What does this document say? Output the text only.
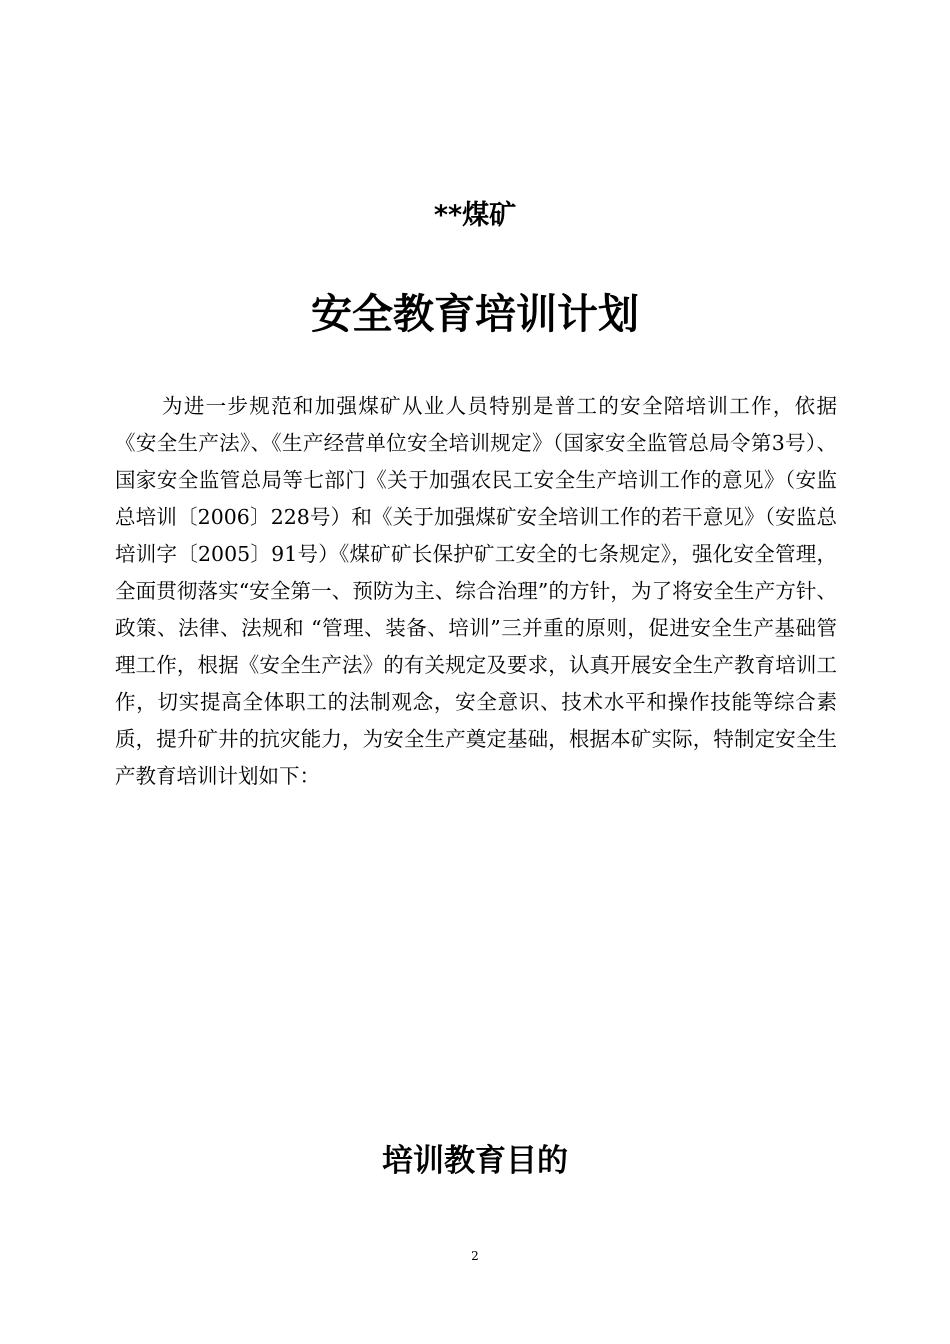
**煤矿
安全教育培训计划

为进一步规范和加强煤矿从业人员特别是普工的安全陪培训工作，依据《安全生产法》、《生产经营单位安全培训规定》（国家安全监管总局令第3号）、国家安全监管总局等七部门《关于加强农民工安全生产培训工作的意见》（安监总培训〔2006〕228号）和《关于加强煤矿安全培训工作的若干意见》（安监总培训字〔2005〕91号）《煤矿矿长保护矿工安全的七条规定》，强化安全管理，全面贯彻落实“安全第一、预防为主、综合治理”的方针，为了将安全生产方针、政策、法律、法规和 “管理、装备、培训”三并重的原则，促进安全生产基础管理工作，根据《安全生产法》的有关规定及要求，认真开展安全生产教育培训工作，切实提高全体职工的法制观念，安全意识、技术水平和操作技能等综合素质，提升矿井的抗灾能力，为安全生产奠定基础，根据本矿实际，特制定安全生产教育培训计划如下：

培训教育目的
2
